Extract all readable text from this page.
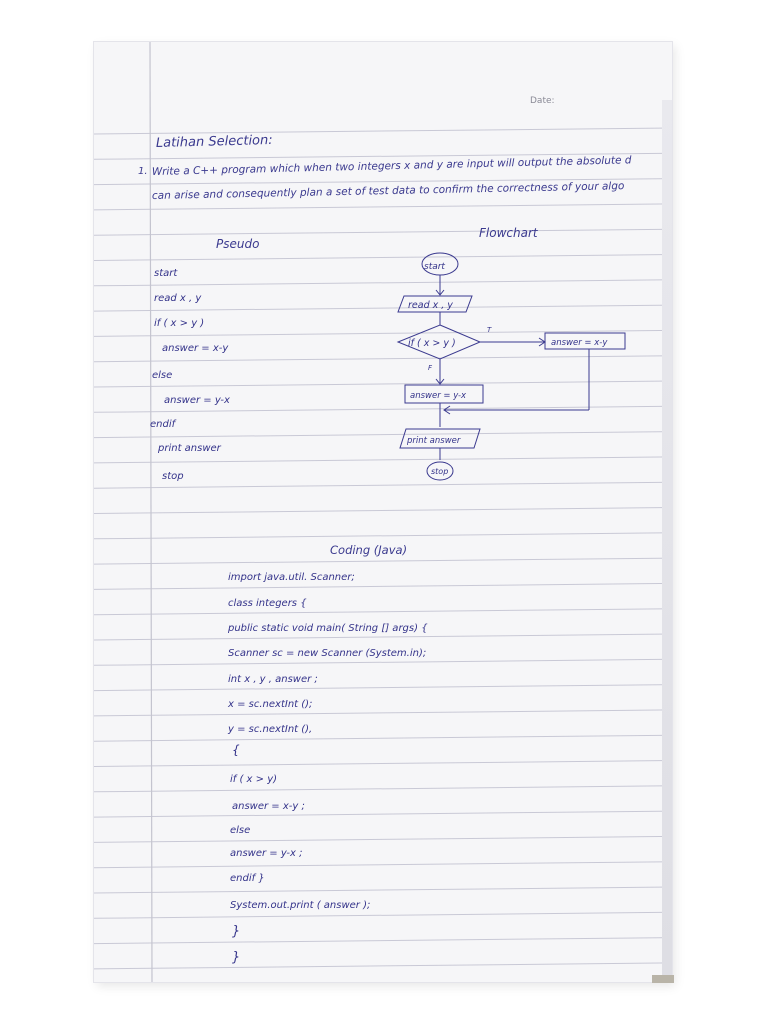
Date:
Latihan Selection:
1. Write a C++ program which when two integers x and y are input will output the absolute d
can arise and consequently plan a set of test data to confirm the correctness of your algo
Pseudo
start
read x , y
if ( x > y )
answer = x-y
else
answer = y-x
endif
print answer
stop
Flowchart
start
read x , y
if ( x > y )
T
F
answer = x-y
answer = y-x
print answer
stop
Coding (Java)
import java.util. Scanner;
class integers {
public static void main( String [] args) {
Scanner sc = new Scanner (System.in);
int x , y , answer ;
x = sc.nextInt ();
y = sc.nextInt (),
{
if ( x > y)
answer = x-y ;
else
answer = y-x ;
endif }
System.out.print ( answer );
}
}
